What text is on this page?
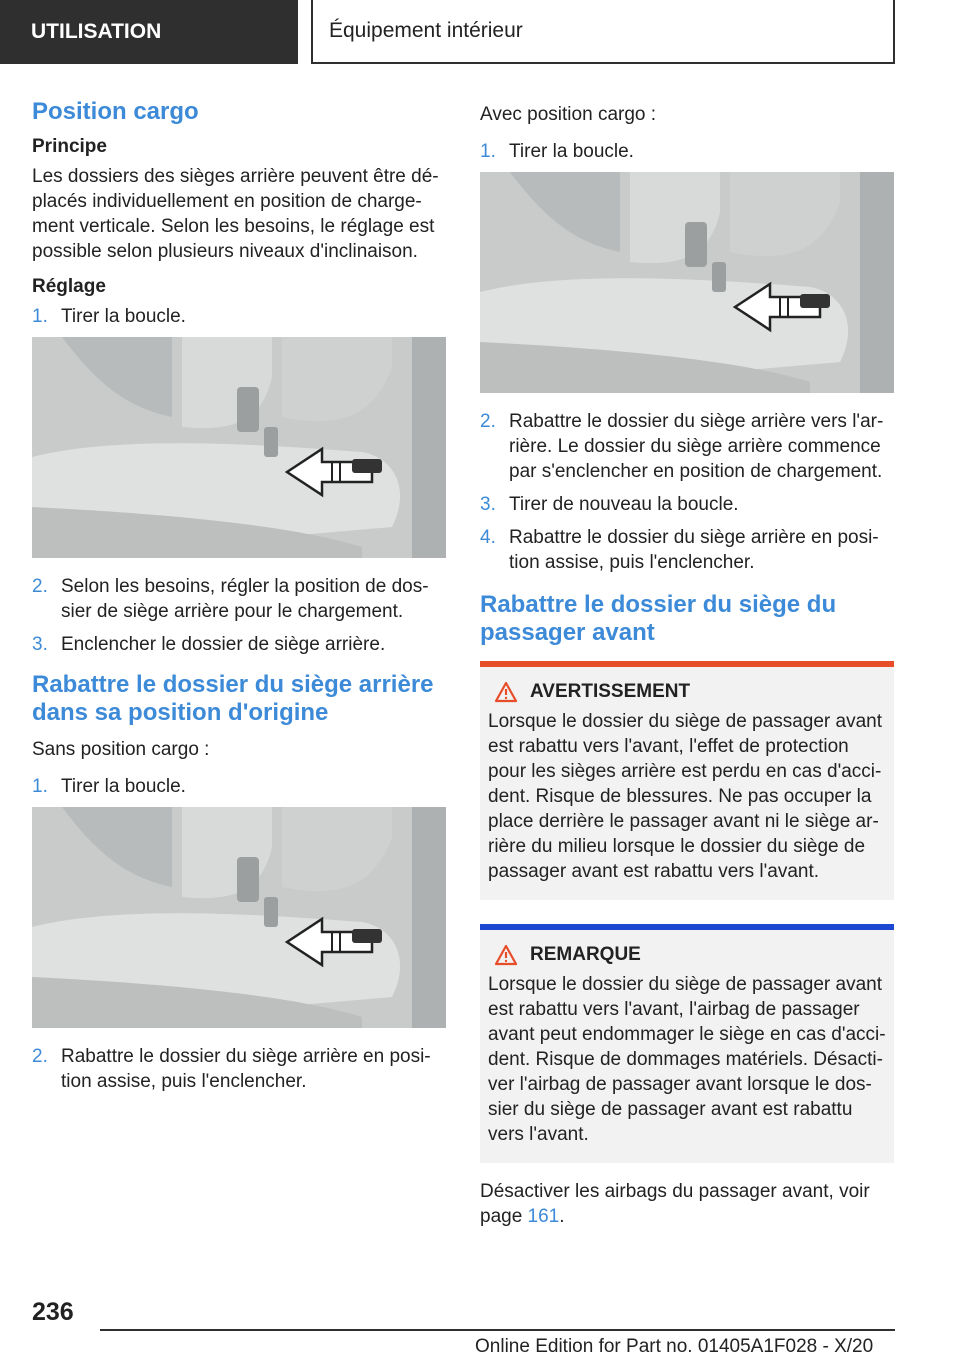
UTILISATION	Équipement intérieur
Position cargo
Principe

Les dossiers des sièges arrière peuvent être dé-placés individuellement en position de charge-ment verticale. Selon les besoins, le réglage est possible selon plusieurs niveaux d'inclinaison.

Réglage
1. Tirer la boucle.
2. Selon les besoins, régler la position de dos-sier de siège arrière pour le chargement.
3. Enclencher le dossier de siège arrière.
Rabattre le dossier du siège arrière dans sa position d'origine

Sans position cargo :

1. Tirer la boucle.
2. Rabattre le dossier du siège arrière en posi-tion assise, puis l'enclencher.

Avec position cargo :

1. Tirer la boucle.
2. Rabattre le dossier du siège arrière vers l'ar-rière. Le dossier du siège arrière commence par s'enclencher en position de chargement.
3. Tirer de nouveau la boucle.
4. Rabattre le dossier du siège arrière en posi-tion assise, puis l'enclencher.
Rabattre le dossier du siège du passager avant
AVERTISSEMENT

Lorsque le dossier du siège de passager avant est rabattu vers l'avant, l'effet de protection pour les sièges arrière est perdu en cas d'acci-dent. Risque de blessures. Ne pas occuper la place derrière le passager avant ni le siège ar-rière du milieu lorsque le dossier du siège de passager avant est rabattu vers l'avant.

REMARQUE

Lorsque le dossier du siège de passager avant est rabattu vers l'avant, l'airbag de passager avant peut endommager le siège en cas d'acci-dent. Risque de dommages matériels. Désacti-ver l'airbag de passager avant lorsque le dos-sier du siège de passager avant est rabattu vers l'avant.

Désactiver les airbags du passager avant, voir page 161.

236
Online Edition for Part no. 01405A1F028 - X/20
